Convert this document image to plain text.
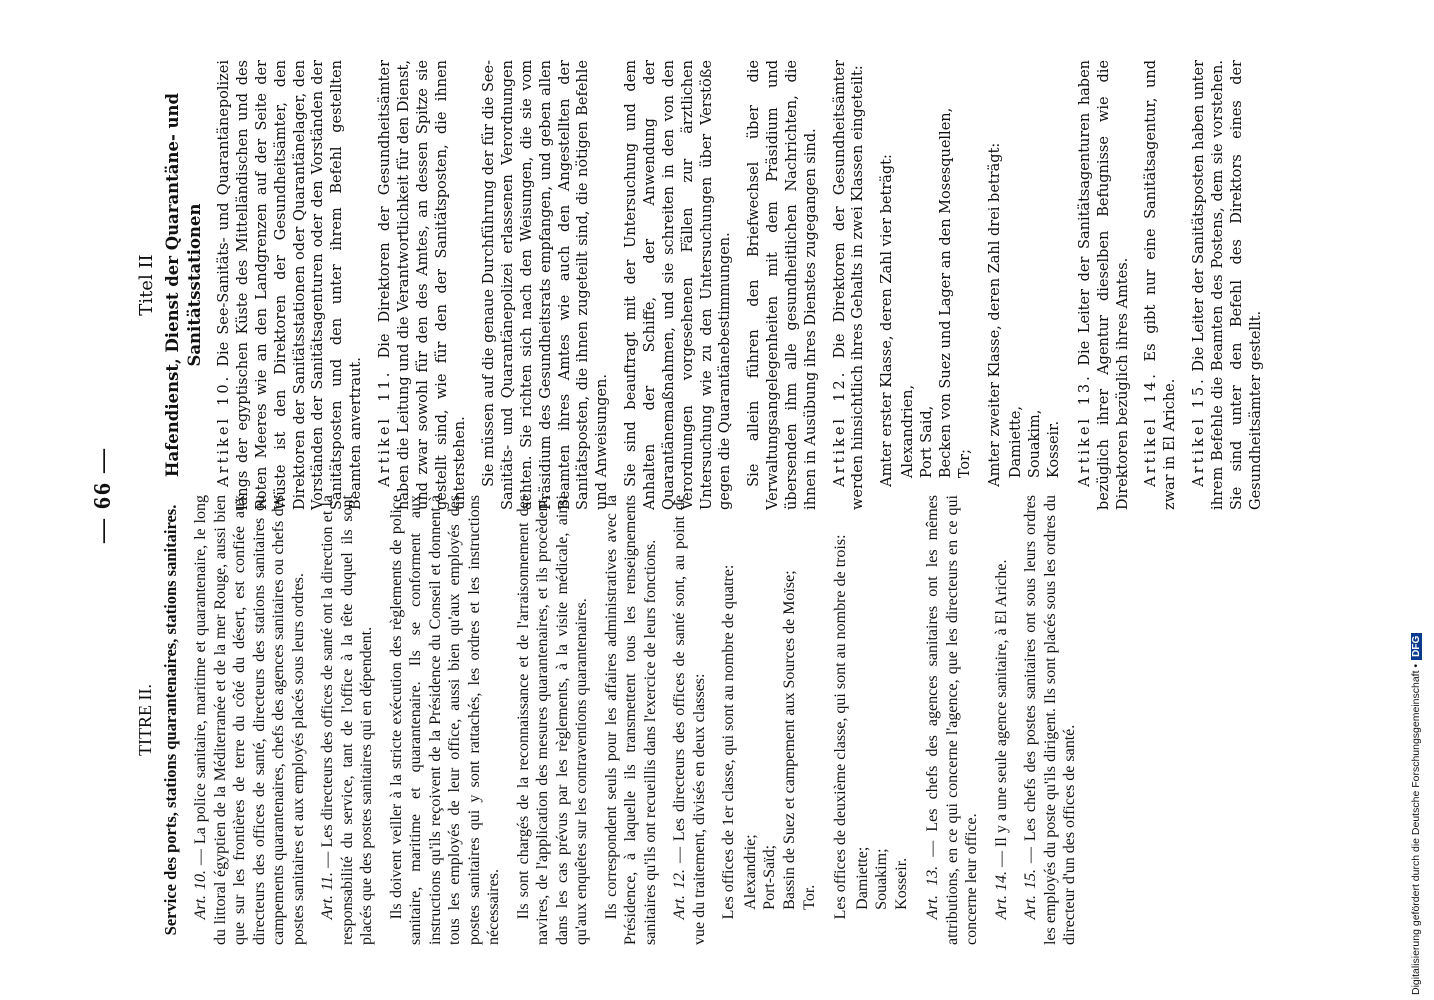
— 66 —
TITRE II. Service des ports, stations quarantenaires, stations sanitaires. Art. 10. — La police sanitaire, maritime et quarantenaire, le long du littoral égyptien de la Méditerranée et de la mer Rouge, aussi bien que sur les frontières de terre du côté du désert, est confiée aux directeurs des offices de santé, directeurs des stations sanitaires ou campements quarantenaires, chefs des agences sanitaires ou chefs des postes sanitaires et aux employés placés sous leurs ordres. Art. 11. — Les directeurs des offices de santé ont la direction et la responsabilité du service, tant de l'office à la tête duquel ils sont placés que des postes sanitaires qui en dépendent. Ils doivent veiller à la stricte exécution des règlements de police sanitaire, maritime et quarantenaire. Ils se conforment aux instructions qu'ils reçoivent de la Présidence du Conseil et donnent à tous les employés de leur office, aussi bien qu'aux employés des postes sanitaires qui y sont rattachés, les ordres et les instructions nécessaires. Ils sont chargés de la reconnaissance et de l'arraisonnement des navires, de l'application des mesures quarantenaires, et ils procèdent, dans les cas prévus par les règlements, à la visite médicale, ainsi qu'aux enquêtes sur les contraventions quarantenaires. Ils correspondent seuls pour les affaires administratives avec la Présidence, à laquelle ils transmettent tous les renseignements sanitaires qu'ils ont recueillis dans l'exercice de leurs fonctions. Art. 12. — Les directeurs des offices de santé sont, au point de vue du traitement, divisés en deux classes: Les offices de 1er classe, qui sont au nombre de quatre: Alexandrie; Port-Saïd; Bassin de Suez et campement aux Sources de Moïse; Tor. Les offices de deuxième classe, qui sont au nombre de trois: Damiette; Souakim; Kosseir. Art. 13. — Les chefs des agences sanitaires ont les mêmes attributions, en ce qui concerne l'agence, que les directeurs en ce qui concerne leur office. Art. 14. — Il y a une seule agence sanitaire, à El Ariche.

Art. 15. — Les chefs des postes sanitaires ont sous leurs ordres les employés du poste qu'ils dirigent. Ils sont placés sous les ordres du directeur d'un des offices de santé.

Titel II Hafendienst, Dienst der Quarantäne- und Sanitätsstationen

Artikel 10. Die See-Sanitäts- und Quarantänepolizei längs der egyptischen Küste des Mittelländischen und des Roten Meeres wie an den Landgrenzen auf der Seite der Wüste ist den Direktoren der Gesundheitsämter, den Direktoren der Sanitätsstationen oder Quarantänelager, den Vorständen der Sanitätsagenturen oder den Vorständen der Sanitätsposten und den unter ihrem Befehl gestellten Beamten anvertraut. Artikel 11. Die Direktoren der Gesundheitsämter haben die Leitung und die Verantwortlichkeit für den Dienst, und zwar sowohl für den des Amtes, an dessen Spitze sie gestellt sind, wie für den der Sanitätsposten, die ihnen unterstehen. Sie müssen auf die genaue Durchführung der für die See-Sanitäts- und Quarantänepolizei erlassenen Verordnungen achten. Sie richten sich nach den Weisungen, die sie vom Präsidium des Gesundheitsrats empfangen, und geben allen Beamten ihres Amtes wie auch den Angestellten der Sanitätsposten, die ihnen zugeteilt sind, die nötigen Befehle und Anweisungen. Sie sind beauftragt mit der Untersuchung und dem Anhalten der Schiffe, der Anwendung der Quarantänemaßnahmen, und sie schreiten in den von den Verordnungen vorgesehenen Fällen zur ärztlichen Untersuchung wie zu den Untersuchungen über Verstöße gegen die Quarantänebestimmungen. Sie allein führen den Briefwechsel über die Verwaltungsangelegenheiten mit dem Präsidium und übersenden ihm alle gesundheitlichen Nachrichten, die ihnen in Ausübung ihres Dienstes zugegangen sind. Artikel 12. Die Direktoren der Gesundheitsämter werden hinsichtlich ihres Gehalts in zwei Klassen eingeteilt: Amter erster Klasse, deren Zahl vier beträgt: Alexandrien, Port Said, Becken von Suez und Lager an den Mosesquellen, Tor; Amter zweiter Klasse, deren Zahl drei beträgt: Damiette, Souakim, Kosseir. Artikel 13. Die Leiter der Sanitätsagenturen haben bezüglich ihrer Agentur dieselben Befugnisse wie die Direktoren bezüglich ihres Amtes. Artikel 14. Es gibt nur eine Sanitätsagentur, und zwar in El Ariche. Artikel 15. Die Leiter der Sanitätsposten haben unter ihrem Befehle die Beamten des Postens, dem sie vorstehen. Sie sind unter den Befehl des Direktors eines der Gesundheitsämter gestellt.

Digitalisierung gefördert durch die Deutsche Forschungsgemeinschaft •DFG
